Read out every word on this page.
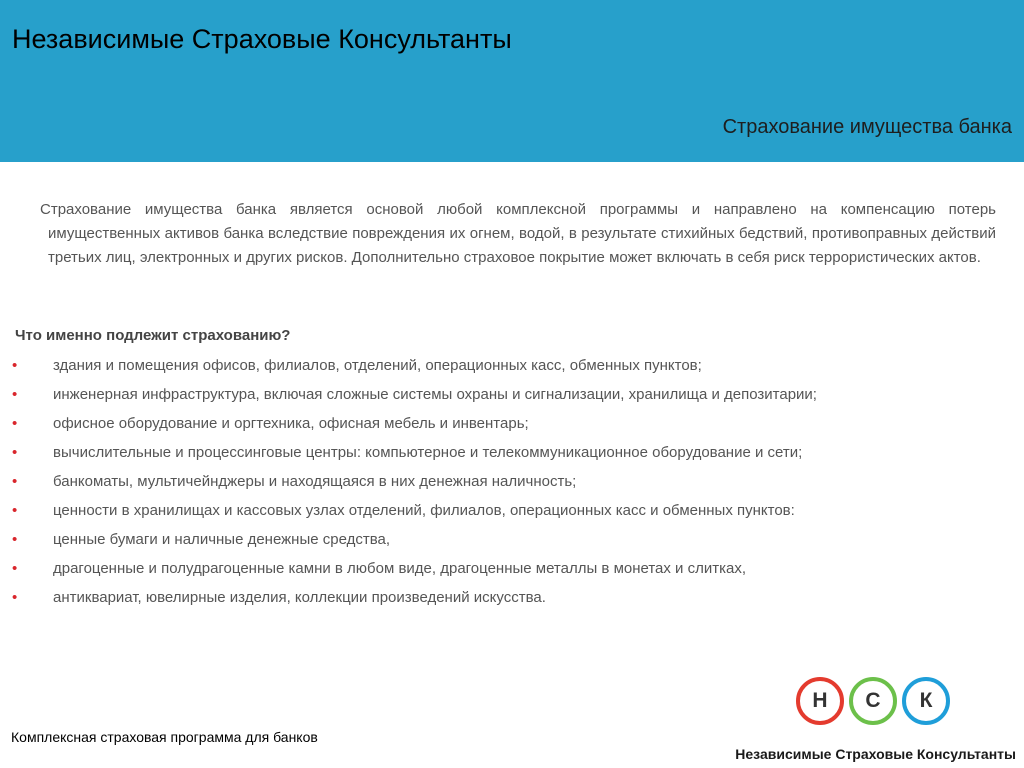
Независимые Страховые Консультанты
Страхование имущества банка

Страхование имущества банка является основой любой комплексной программы и направлено на компенсацию потерь имущественных активов банка вследствие повреждения их огнем, водой, в результате стихийных бедствий, противоправных действий третьих лиц, электронных и других рисков. Дополнительно страховое покрытие может включать в себя риск террористических актов.

Что именно подлежит страхованию?
• здания и помещения офисов, филиалов, отделений, операционных касс, обменных пунктов;
• инженерная инфраструктура, включая сложные системы охраны и сигнализации, хранилища и депозитарии;
• офисное оборудование и оргтехника, офисная мебель и инвентарь;
• вычислительные и процессинговые центры: компьютерное и телекоммуникационное оборудование и сети;
• банкоматы, мультичейнджеры и находящаяся в них денежная наличность;
• ценности в хранилищах и кассовых узлах отделений, филиалов, операционных касс и обменных пунктов:
• ценные бумаги и наличные денежные средства,
• драгоценные и полудрагоценные камни в любом виде, драгоценные металлы в монетах и слитках,
• антиквариат, ювелирные изделия, коллекции произведений искусства.
Комплексная страховая программа для банков
Н	С	К
Независимые Страховые Консультанты
